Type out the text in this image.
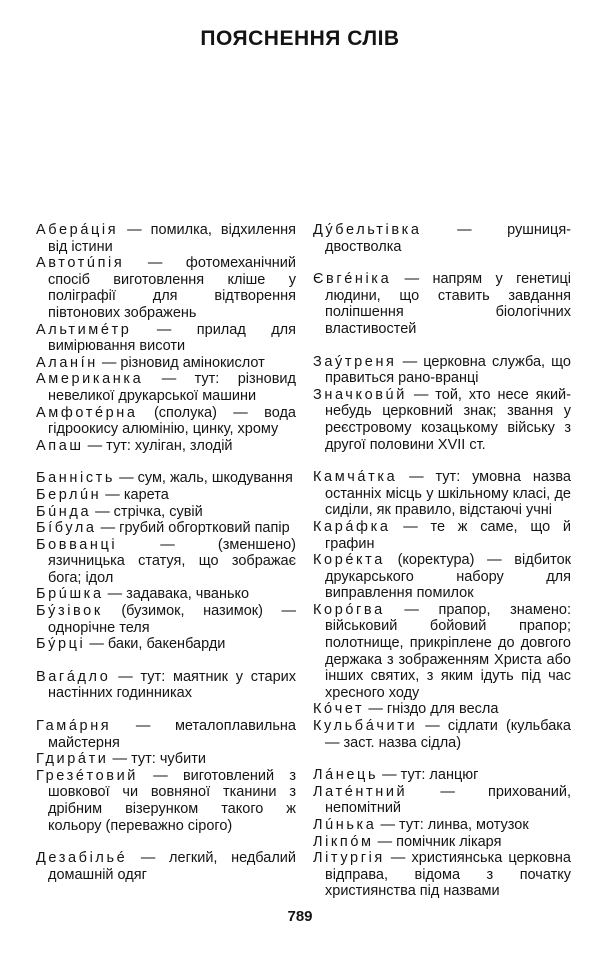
ПОЯСНЕННЯ СЛІВ
Аберáція — помилка, відхилення від істини
Автотúпія — фотомеханічний спосіб виготовлення кліше у поліграфії для відтворення півтонових зображень
Альтимéтр — прилад для вимірювання висоти
Аланíн — різновид амінокислот
Американка — тут: різновид невеликої друкарської машини
Амфотéрна (сполука) — вода гідроокису алюмінію, цинку, хрому
Апаш — тут: хуліган, злодій
Банність — сум, жаль, шкодування
Берлúн — карета
Бúнда — стрічка, сувій
Бíбула — грубий обгортковий папір
Бовванці — (зменшено) язичницька статуя, що зображає бога; ідол
Брúшка — задавака, чванько
Бýзівок (бузимок, назимок) — однорічне теля
Бýрці — баки, бакенбарди
Вагáдло — тут: маятник у старих настінних годинниках
Гамáрня — металоплавильна майстерня
Гдирáти — тут: чубити
Грезéтовий — виготовлений з шовкової чи вовняної тканини з дрібним візерунком такого ж кольору (переважно сірого)
Дезабільé — легкий, недбалий домашній одяг
Дýбельтівка — рушниця-двостволка
Євгéніка — напрям у генетиці людини, що ставить завдання поліпшення біологічних властивостей
Заýтреня — церковна служба, що правиться рано-вранці
Значковúй — той, хто несе який-небудь церковний знак; звання у реєстровому козацькому війську з другої половини XVII ст.
Камчáтка — тут: умовна назва останніх місць у шкільному класі, де сиділи, як правило, відстаючі учні
Карáфка — те ж саме, що й графин
Корéкта (коректура) — відбиток друкарського набору для виправлення помилок
Корóгва — прапор, знамено: військовий бойовий прапор; полотнище, прикріплене до довгого держака з зображенням Христа або інших святих, з яким ідуть під час хресного ходу
Кóчет — гніздо для весла
Кульбáчити — сідлати (кульбака — заст. назва сідла)
Лáнець — тут: ланцюг
Латéнтний — прихований, непомітний
Лúнька — тут: линва, мотузок
Лікпóм — помічник лікаря
Літургія — християнська церковна відправа, відома з початку християнства під назвами
789
